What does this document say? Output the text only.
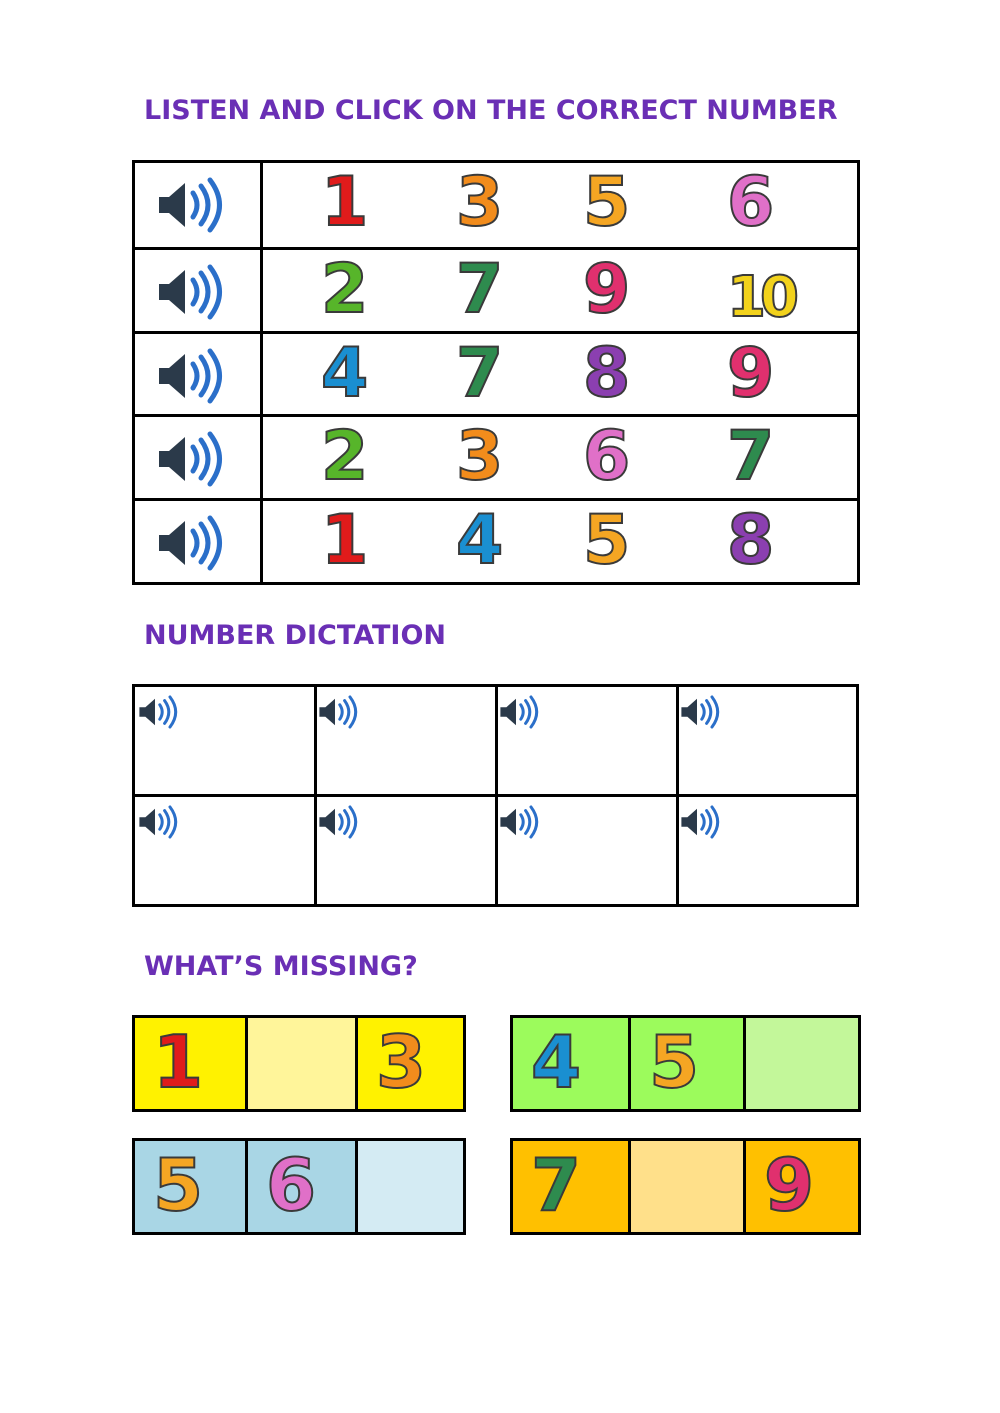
LISTEN AND CLICK ON THE CORRECT NUMBER
NUMBER DICTATION
WHAT’S MISSING?
1 3 5 6
2 7 9 10
4 7 8 9
2 3 6 7
1 4 5 8
1 3 4 5
5 6	7	9
